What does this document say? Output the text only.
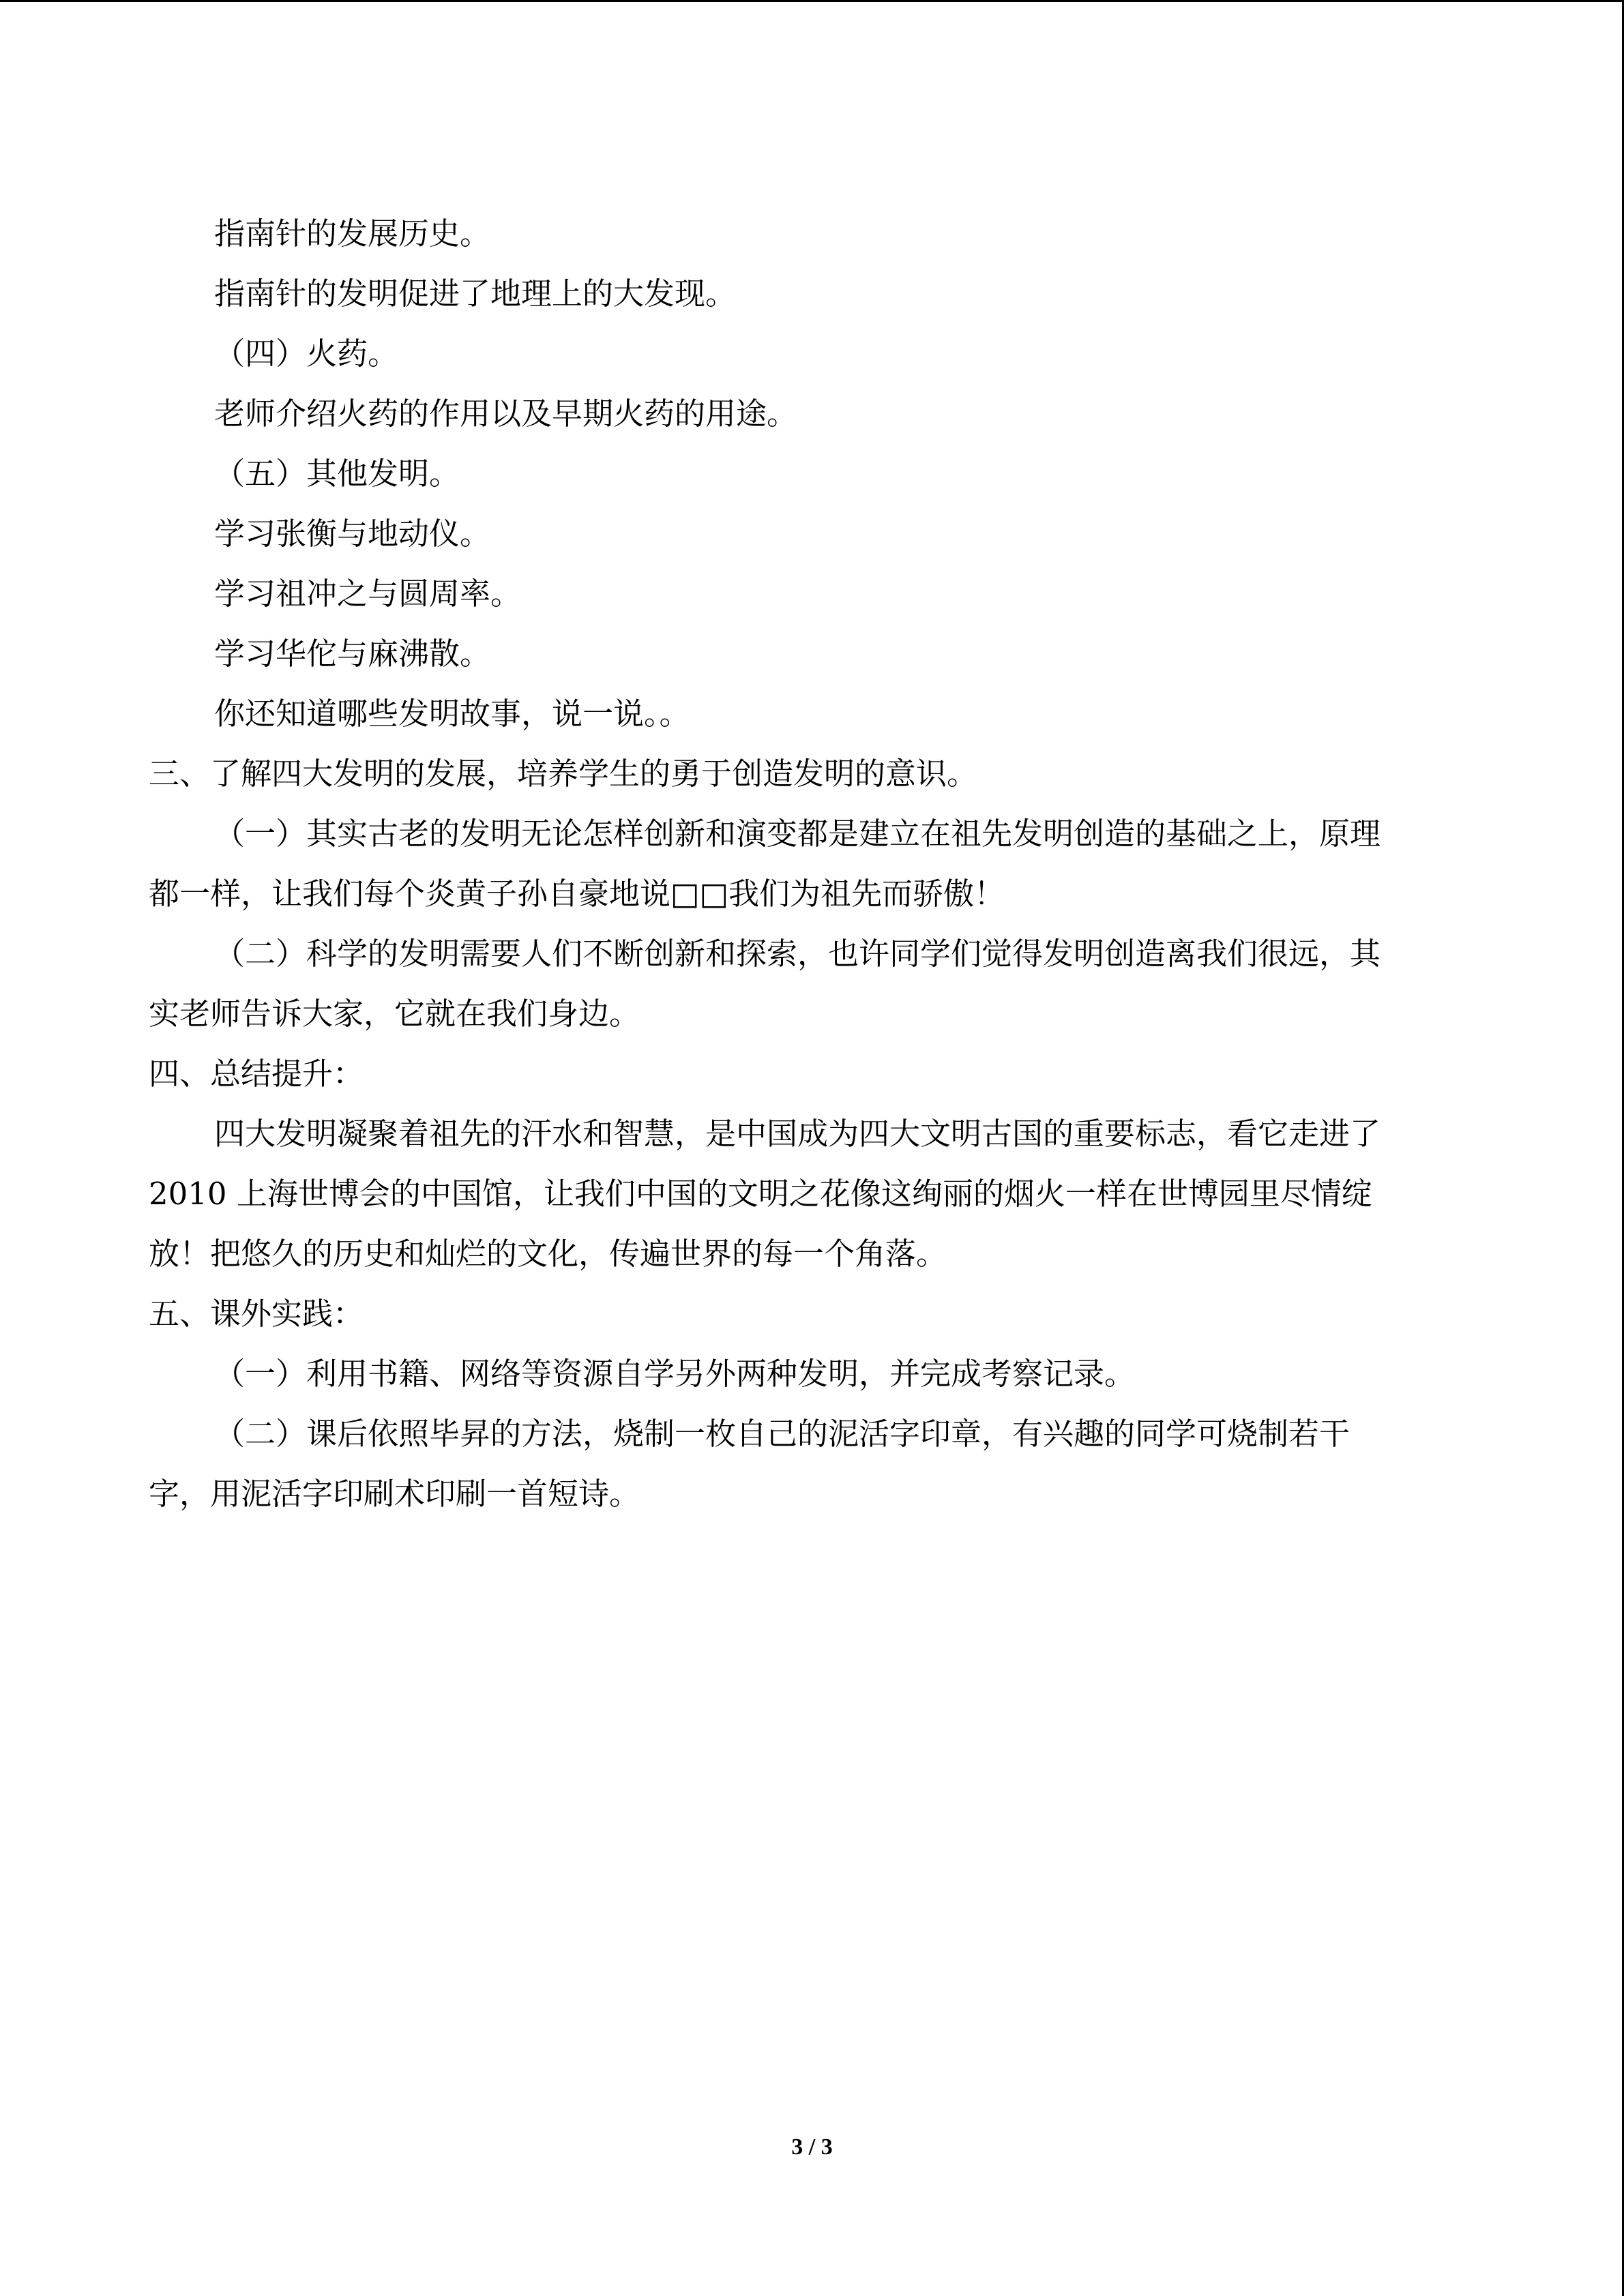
指南针的发展历史。
指南针的发明促进了地理上的大发现。
（四）火药。
老师介绍火药的作用以及早期火药的用途。
（五）其他发明。
学习张衡与地动仪。
学习祖冲之与圆周率。
学习华佗与麻沸散。
你还知道哪些发明故事，说一说。。
三、了解四大发明的发展，培养学生的勇于创造发明的意识。
（一）其实古老的发明无论怎样创新和演变都是建立在祖先发明创造的基础之上，原理
都一样，让我们每个炎黄子孙自豪地说□□我们为祖先而骄傲！
（二）科学的发明需要人们不断创新和探索，也许同学们觉得发明创造离我们很远，其
实老师告诉大家，它就在我们身边。
四、总结提升：
四大发明凝聚着祖先的汗水和智慧，是中国成为四大文明古国的重要标志，看它走进了
2010 上海世博会的中国馆，让我们中国的文明之花像这绚丽的烟火一样在世博园里尽情绽
放！把悠久的历史和灿烂的文化，传遍世界的每一个角落。
五、课外实践：
（一）利用书籍、网络等资源自学另外两种发明，并完成考察记录。
（二）课后依照毕昇的方法，烧制一枚自己的泥活字印章，有兴趣的同学可烧制若干
字，用泥活字印刷术印刷一首短诗。
3 / 3
